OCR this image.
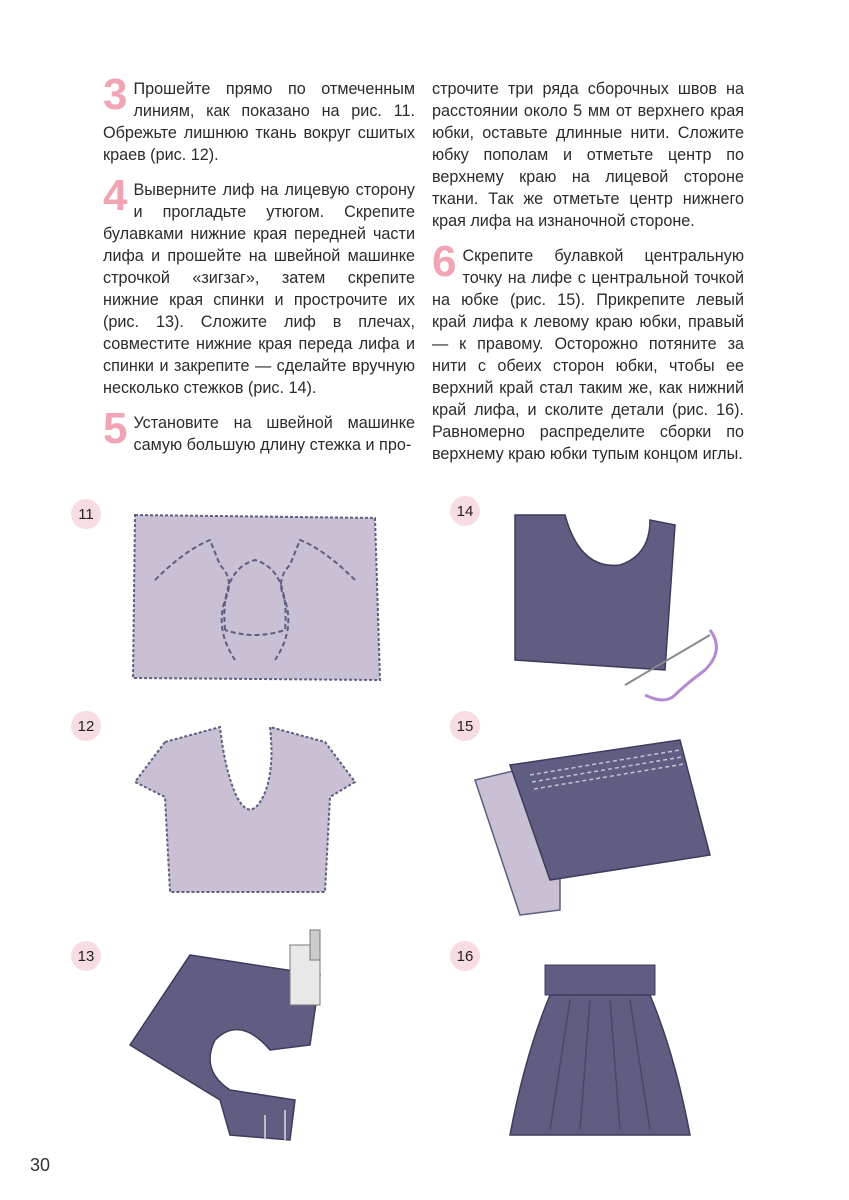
3 Прошейте прямо по отмеченным линиям, как показано на рис. 11. Обрежьте лишнюю ткань вокруг сшитых краев (рис. 12).

4 Выверните лиф на лицевую сторону и прогладьте утюгом. Скрепите булавками нижние края передней части лифа и прошейте на швейной машинке строчкой «зигзаг», затем скрепите нижние края спинки и прострочите их (рис. 13). Сложите лиф в плечах, совместите нижние края переда лифа и спинки и закрепите — сделайте вручную несколько стежков (рис. 14).

5 Установите на швейной машинке самую большую длину стежка и про-

строчите три ряда сборочных швов на расстоянии около 5 мм от верхнего края юбки, оставьте длинные нити. Сложите юбку пополам и отметьте центр по верхнему краю на лицевой стороне ткани. Так же отметьте центр нижнего края лифа на изнаночной стороне.

6 Скрепите булавкой центральную точку на лифе с центральной точкой на юбке (рис. 15). Прикрепите левый край лифа к левому краю юбки, правый — к правому. Осторожно потяните за нити с обеих сторон юбки, чтобы ее верхний край стал таким же, как нижний край лифа, и сколите детали (рис. 16). Равномерно распределите сборки по верхнему краю юбки тупым концом иглы.

11
12
13
14
15
16
30
